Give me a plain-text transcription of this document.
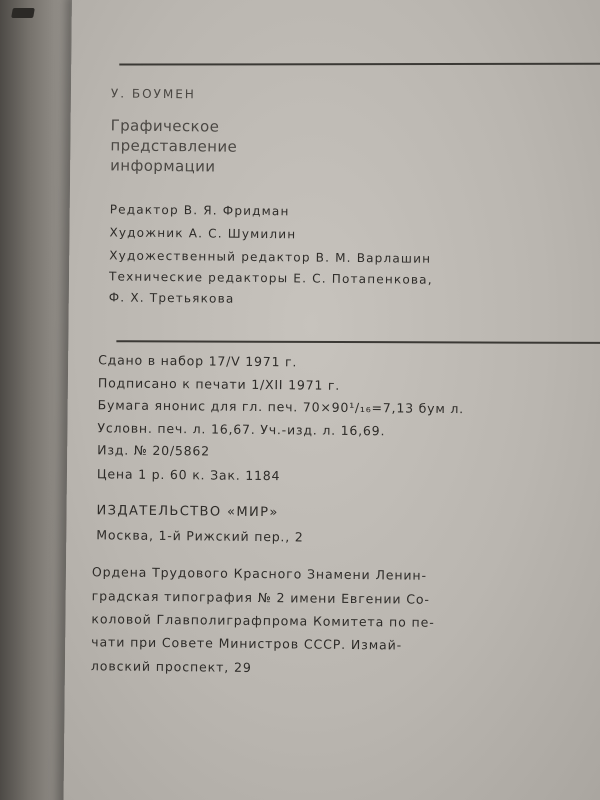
У. БОУМЕН
Графическое
представление
информации
Редактор В. Я. Фридман
Художник А. С. Шумилин
Художественный редактор В. М. Варлашин
Технические редакторы Е. С. Потапенкова,
Ф. Х. Третьякова
Сдано в набор 17/V 1971 г.
Подписано к печати 1/XII 1971 г.
Бумага янонис для гл. печ. 70×90¹/₁₆=7,13 бум л.
Условн. печ. л. 16,67. Уч.-изд. л. 16,69.
Изд. № 20/5862
Цена 1 р. 60 к. Зак. 1184
ИЗДАТЕЛЬСТВО «МИР»
Москва, 1-й Рижский пер., 2
Ордена Трудового Красного Знамени Ленин-
градская типография № 2 имени Евгении Со-
коловой Главполиграфпрома Комитета по пе-
чати при Совете Министров СССР. Измай-
ловский проспект, 29
